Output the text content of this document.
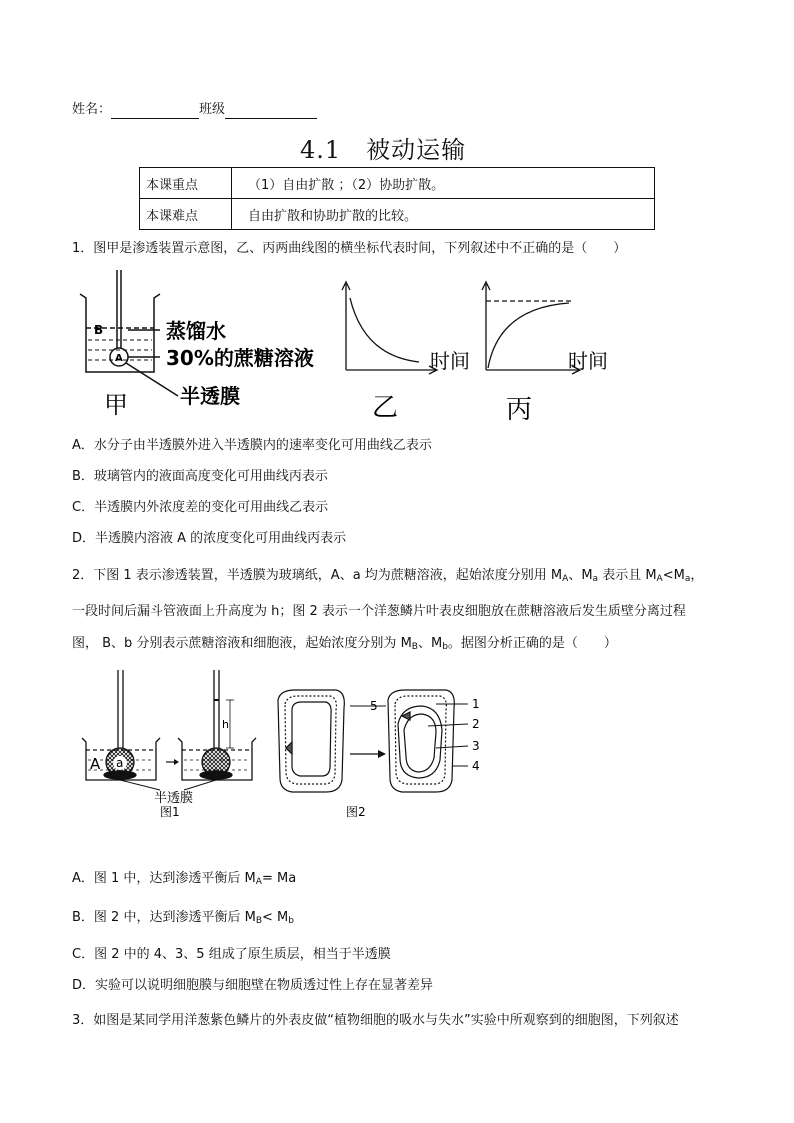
姓名：	班级
4.1　被动运输
本课重点	（1）自由扩散 ；（2）协助扩散。
本课难点	自由扩散和协助扩散的比较。
1．图甲是渗透装置示意图，乙、丙两曲线图的横坐标代表时间，下列叙述中不正确的是（　　）
B
A
蒸馏水
30%的蔗糖溶液
半透膜
甲
时间
乙
时间
丙
A．水分子由半透膜外进入半透膜内的速率变化可用曲线乙表示
B．玻璃管内的液面高度变化可用曲线丙表示
C．半透膜内外浓度差的变化可用曲线乙表示
D．半透膜内溶液 A 的浓度变化可用曲线丙表示
2．下图 1 表示渗透装置，半透膜为玻璃纸，A、a 均为蔗糖溶液，起始浓度分别用 $M_A$、$M_a$ 表示且 $M_A<M_a$，
一段时间后漏斗管液面上升高度为 h；图 2 表示一个洋葱鳞片叶表皮细胞放在蔗糖溶液后发生质壁分离过程
图， B、b 分别表示蔗糖溶液和细胞液，起始浓度分别为 $M_B$、$M_b$。据图分析正确的是（　　）
A a
h
半透膜
图1
5	1
2
3
4
图2
A．图 1 中，达到渗透平衡后 $M_A= Ma$
B．图 2 中，达到渗透平衡后 $M_B< M_b$
C．图 2 中的 4、3、5 组成了原生质层，相当于半透膜
D．实验可以说明细胞膜与细胞壁在物质透过性上存在显著差异
3．如图是某同学用洋葱紫色鳞片的外表皮做“植物细胞的吸水与失水”实验中所观察到的细胞图，下列叙述
